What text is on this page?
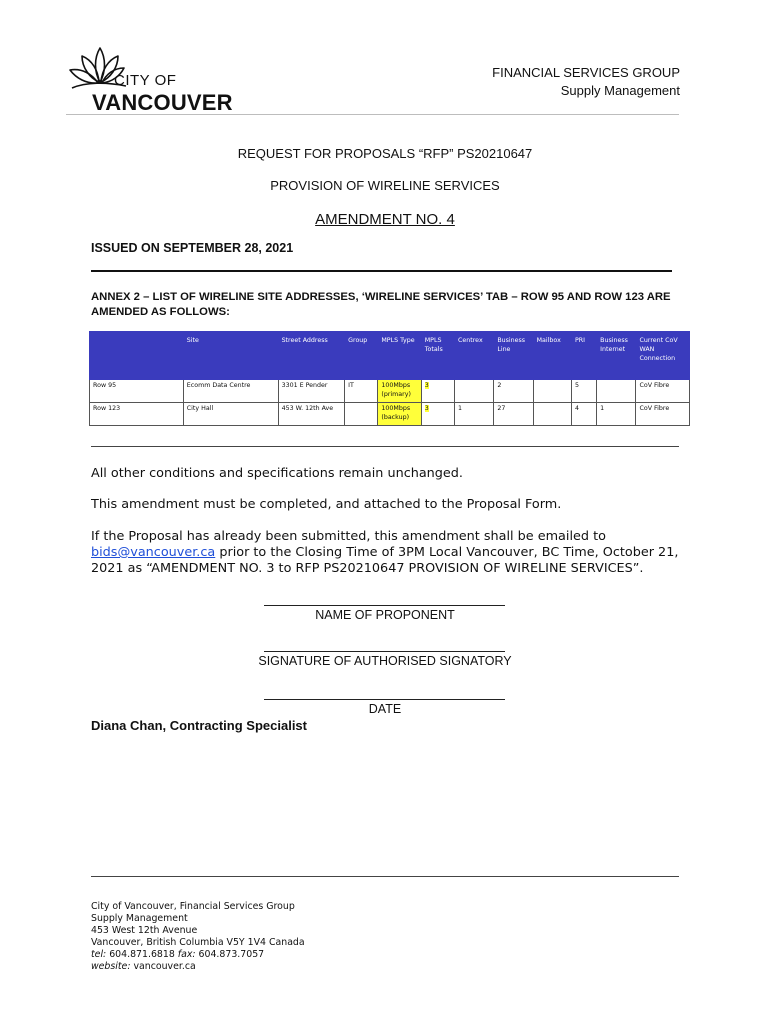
CITY OF
VANCOUVER
FINANCIAL SERVICES GROUP
Supply Management
REQUEST FOR PROPOSALS “RFP” PS20210647
PROVISION OF WIRELINE SERVICES
AMENDMENT NO. 4
ISSUED ON SEPTEMBER 28, 2021
ANNEX 2 – LIST OF WIRELINE SITE ADDRESSES, ‘WIRELINE SERVICES’ TAB – ROW 95 AND ROW 123 ARE AMENDED AS FOLLOWS:
	Site	Street Address	Group	MPLS Type	MPLS Totals	Centrex	Business Line	Mailbox	PRI	Business Internet	Current CoV WAN Connection
Row 95	Ecomm Data Centre	3301 E Pender	IT	100Mbps (primary)	3		2		5		CoV Fibre
Row 123	City Hall	453 W. 12th Ave		100Mbps (backup)	3	1	27		4	1	CoV Fibre
All other conditions and specifications remain unchanged.
This amendment must be completed, and attached to the Proposal Form.
If the Proposal has already been submitted, this amendment shall be emailed to
bids@vancouver.ca prior to the Closing Time of 3PM Local Vancouver, BC Time, October 21, 2021 as “AMENDMENT NO. 3 to RFP PS20210647 PROVISION OF WIRELINE SERVICES”.
NAME OF PROPONENT
SIGNATURE OF AUTHORISED SIGNATORY
DATE
Diana Chan, Contracting Specialist
City of Vancouver, Financial Services Group
Supply Management
453 West 12th Avenue
Vancouver, British Columbia V5Y 1V4 Canada
tel: 604.871.6818 fax: 604.873.7057
website: vancouver.ca
